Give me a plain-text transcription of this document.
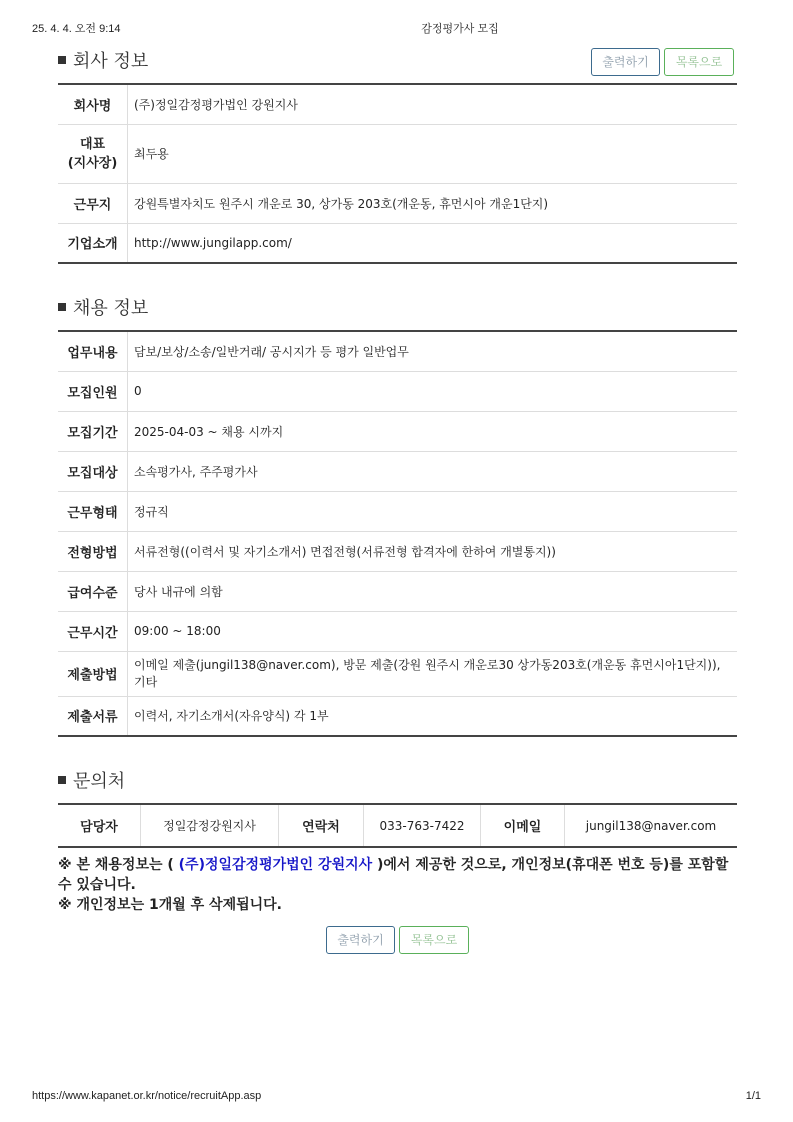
25. 4. 4. 오전 9:14	감정평가사 모집
회사 정보	출력하기	목록으로
회사명	(주)정일감정평가법인 강원지사
대표
(지사장)	최두용
근무지	강원특별자치도 원주시 개운로 30, 상가동 203호(개운동, 휴먼시아 개운1단지)
기업소개	http://www.jungilapp.com/
채용 정보
업무내용	담보/보상/소송/일반거래/ 공시지가 등 평가 일반업무
모집인원	0
모집기간	2025-04-03 ~ 채용 시까지
모집대상	소속평가사, 주주평가사
근무형태	정규직
전형방법	서류전형((이력서 및 자기소개서) 면접전형(서류전형 합격자에 한하여 개별통지))
급여수준	당사 내규에 의함
근무시간	09:00 ~ 18:00
제출방법	이메일 제출(jungil138@naver.com), 방문 제출(강원 원주시 개운로30 상가동203호(개운동 휴먼시아1단지)), 기타
제출서류	이력서, 자기소개서(자유양식) 각 1부
문의처
담당자	정일감정강원지사	연락처	033-763-7422	이메일	jungil138@naver.com
※ 본 채용정보는 ( (주)정일감정평가법인 강원지사 )에서 제공한 것으로, 개인정보(휴대폰 번호 등)를 포함할 수 있습니다.
※ 개인정보는 1개월 후 삭제됩니다.
출력하기	목록으로
https://www.kapanet.or.kr/notice/recruitApp.asp	1/1
